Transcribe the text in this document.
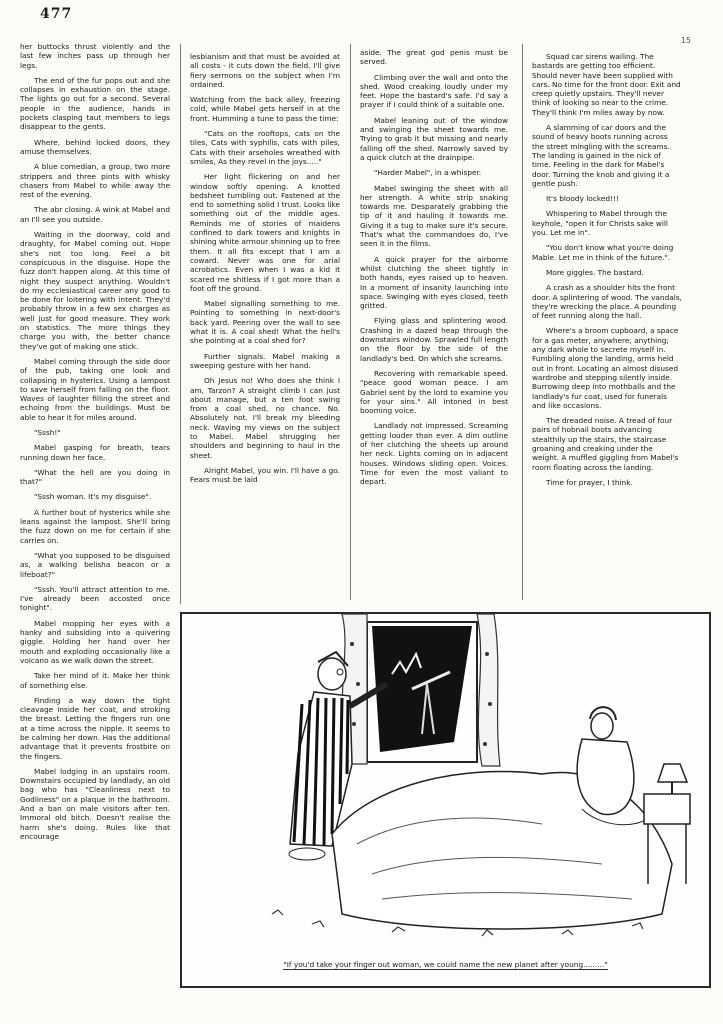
477
15

her buttocks thrust violently and the last few inches pass up through her legs.

The end of the fur pops out and she collapses in exhaustion on the stage. The lights go out for a second. Several people in the audience, hands in pockets clasping taut members to legs disappear to the gents.

Where, behind locked doors, they amuse themselves.

A blue comedian, a group, two more strippers and three pints with whisky chasers from Mabel to while away the rest of the evening.

The abr closing. A wink at Mabel and an I'll see you outside.

Waiting in the doorway, cold and draughty, for Mabel coming out. Hope she's not too long. Feel a bit conspicuous in the disguise. Hope the fuzz don't happen along. At this time of night they suspect anything. Wouldn't do my ecclesiastical career any good to be done for loitering with intent. They'd probably throw in a few sex charges as well just for good measure. They work on statistics. The more things they charge you with, the better chance they've got of making one stick.

Mabel coming through the side door of the pub, taking one look and collapsing in hysterics. Using a lampost to save herself from falling on the floor. Waves of laughter filling the street and echoing from the buildings. Must be able to hear it for miles around.

"Sssh!"

Mabel gasping for breath, tears running down her face.

"What the hell are you doing in that?"

"Sssh woman. It's my disguise".

A further bout of hysterics while she leans against the lampost. She'll bring the fuzz down on me for certain if she carries on.

"What you supposed to be disguised as, a walking belisha beacon or a lifeboat?"

"Sssh. You'll attract attention to me. I've already been accosted once tonight".

Mabel mopping her eyes with a hanky and subsiding into a quivering giggle. Holding her hand over her mouth and exploding occasionally like a volcano as we walk down the street.

Take her mind of it. Make her think of something else.

Finding a way down the tight cleavage inside her coat, and stroking the breast. Letting the fingers run one at a time across the nipple. It seems to be calming her down. Has the additional advantage that it prevents frostbite on the fingers.

Mabel lodging in an upstairs room. Downstairs occupied by landlady, an old bag who has "Cleanliness next to Godliness" on a plaque in the bathroom. And a ban on male visitors after ten. Immoral old bitch. Doesn't realise the harm she's doing. Rules like that encourage

lesbianism and that must be avoided at all costs - it cuts down the field. I'll give fiery sermons on the subject when I'm ordained.

Watching from the back alley, freezing cold, while Mabel gets herself in at the front. Humming a tune to pass the time:

"Cats on the rooftops, cats on the tiles, Cats with syphilis, cats with piles, Cats with their arseholes wreathed with smiles, As they revel in the joys....."

Her light flickering on and her window softly opening. A knotted bedsheet tumbling out. Fastened at the end to something solid I trust. Looks like something out of the middle ages. Reminds me of stories of maidens confined to dark towers and knights in shining white armour shinning up to free them. It all fits except that I am a coward. Never was one for arial acrobatics. Even when I was a kid it scared me shitless if I got more than a foot off the ground.

Mabel signalling something to me. Pointing to something in next-door's back yard. Peering over the wall to see what it is. A coal shed! What the hell's she pointing at a coal shed for?

Further signals. Mabel making a sweeping gesture with her hand.

Oh Jesus no! Who does she think I am, Tarzon? A straight climb I can just about manage, but a ten foot swing from a coal shed, no chance. No. Absolutely not. I'll break my bleeding neck. Waving my views on the subject to Mabel. Mabel shrugging her shoulders and beginning to haul in the sheet.

Alright Mabel, you win. I'll have a go. Fears must be laid

aside. The great god penis must be served.

Climbing over the wall and onto the shed. Wood creaking loudly under my feet. Hope the bastard's safe. I'd say a prayer if I could think of a suitable one.

Mabel leaning out of the window and swinging the sheet towards me. Trying to grab it but missing and nearly falling off the shed. Narrowly saved by a quick clutch at the drainpipe.

"Harder Mabel", in a whisper.

Mabel swinging the sheet with all her strength. A white strip snaking towards me. Desparately grabbing the tip of it and hauling it towards me. Giving it a tug to make sure it's secure. That's what the commandoes do, I've seen it in the films.

A quick prayer for the airborne whilst clutching the sheet tightly in both hands, eyes raised up to heaven. In a moment of insanity launching into space. Swinging with eyes closed, teeth gritted.

Flying glass and splintering wood. Crashing in a dazed heap through the downstairs window. Sprawled full length on the floor by the side of the landlady's bed. On which she screams.

Recovering with remarkable speed. "peace good woman peace. I am Gabriel sent by the lord to examine you for your sins." All intoned in best booming voice.

Landlady not impressed. Screaming getting louder than ever. A dim outline of her clutching the sheets up around her neck. Lights coming on in adjacent houses. Windows sliding open. Voices. Time for even the most valiant to depart.

Squad car sirens wailing. The bastards are getting too efficient. Should never have been supplied with cars. No time for the front door. Exit and creep quietly upstairs. They'll never think of looking so near to the crime. They'll think I'm miles away by now.

A slamming of car doors and the sound of heavy boots running across the street mingling with the screams. The landing is gained in the nick of time. Feeling in the dark for Mabel's door. Turning the knob and giving it a gentle push.

It's bloody locked!!!

Whispering to Mabel through the keyhole, "open it for Christs sake will you. Let me in".

"You don't know what you're doing Mable. Let me in think of the future.".

More giggles. The bastard.

A crash as a shoulder hits the front door. A splintering of wood. The vandals, they're wrecking the place. A pounding of feet running along the hall.

Where's a broom cupboard, a space for a gas meter, anywhere, anything; any dark whole to secrete myself in. Fumbling along the landing, arms held out in front. Locating an almost disused wardrobe and stepping silently inside. Burrowing deep into mothballs and the landlady's fur coat, used for funerals and like occasions.

The dreaded noise. A tread of four pairs of hobnail boots advancing stealthily up the stairs, the staircase groaning and creaking under the weight. A muffled giggling from Mabel's room floating across the landing.

Time for prayer, I think.

"If you'd take your finger out woman, we could name the new planet after young........."
